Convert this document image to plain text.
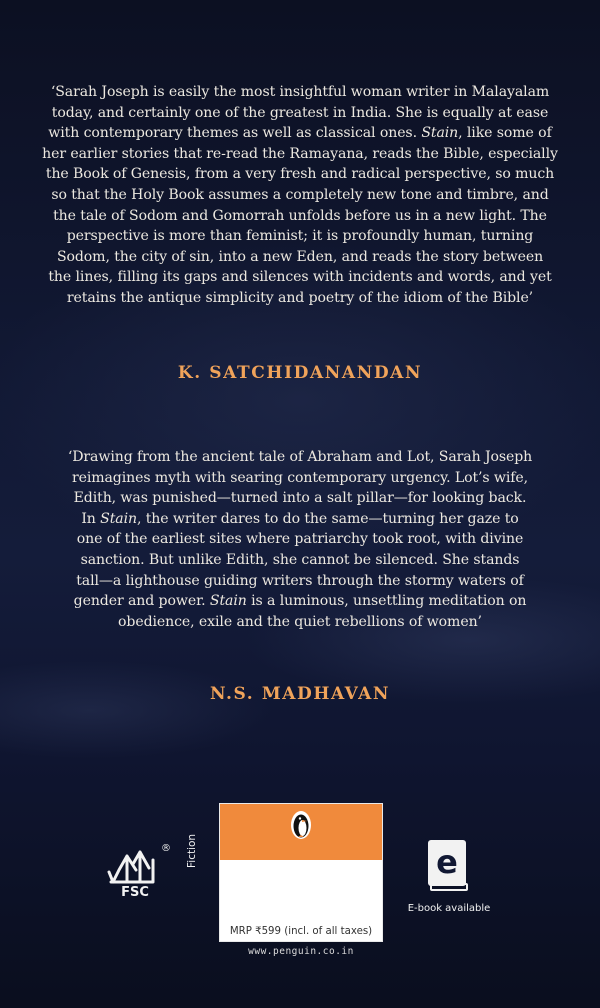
‘Sarah Joseph is easily the most insightful woman writer in Malayalam
today, and certainly one of the greatest in India. She is equally at ease
with contemporary themes as well as classical ones. Stain, like some of
her earlier stories that re-read the Ramayana, reads the Bible, especially
the Book of Genesis, from a very fresh and radical perspective, so much
so that the Holy Book assumes a completely new tone and timbre, and
the tale of Sodom and Gomorrah unfolds before us in a new light. The
perspective is more than feminist; it is profoundly human, turning
Sodom, the city of sin, into a new Eden, and reads the story between
the lines, filling its gaps and silences with incidents and words, and yet
retains the antique simplicity and poetry of the idiom of the Bible’

K. SATCHIDANANDAN

‘Drawing from the ancient tale of Abraham and Lot, Sarah Joseph
reimagines myth with searing contemporary urgency. Lot’s wife,
Edith, was punished—turned into a salt pillar—for looking back.
In Stain, the writer dares to do the same—turning her gaze to
one of the earliest sites where patriarchy took root, with divine
sanction. But unlike Edith, she cannot be silenced. She stands
tall—a lighthouse guiding writers through the stormy waters of
gender and power. Stain is a luminous, unsettling meditation on
obedience, exile and the quiet rebellions of women’

N.S. MADHAVAN
®
FSC
Fiction
MRP ₹599 (incl. of all taxes)
www.penguin.co.in
e
E-book available
